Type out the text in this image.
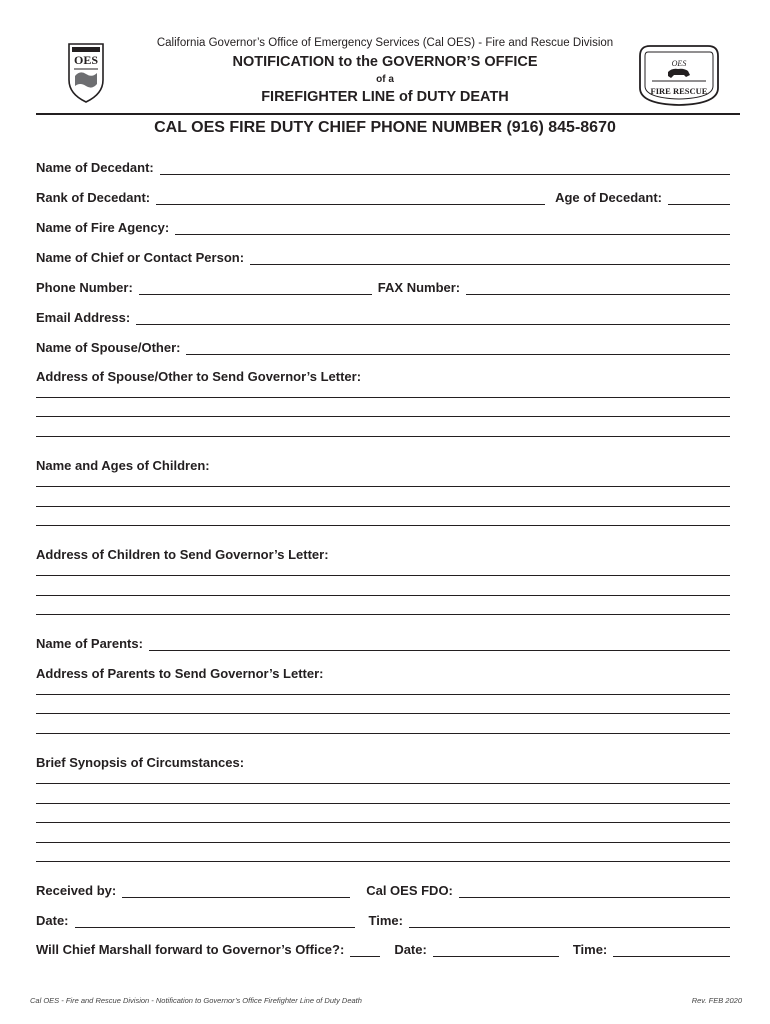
OES
California Governor’s Office of Emergency Services (Cal OES) - Fire and Rescue Division
NOTIFICATION to the GOVERNOR’S OFFICE
of a
FIREFIGHTER LINE of DUTY DEATH
OES
FIRE RESCUE
CAL OES FIRE DUTY CHIEF PHONE NUMBER (916) 845-8670
Name of Decedant:
Rank of Decedant:	Age of Decedant:
Name of Fire Agency:
Name of Chief or Contact Person:
Phone Number:	FAX Number:
Email Address:
Name of Spouse/Other:
Address of Spouse/Other to Send Governor’s Letter:
Name and Ages of Children:
Address of Children to Send Governor’s Letter:
Name of Parents:
Address of Parents to Send Governor’s Letter:
Brief Synopsis of Circumstances:
Received by:	Cal OES FDO:
Date:	Time:
Will Chief Marshall forward to Governor’s Office?:	Date:	Time:
Cal OES - Fire and Rescue Division - Notification to Governor’s Office Firefighter Line of Duty Death	Rev. FEB 2020
